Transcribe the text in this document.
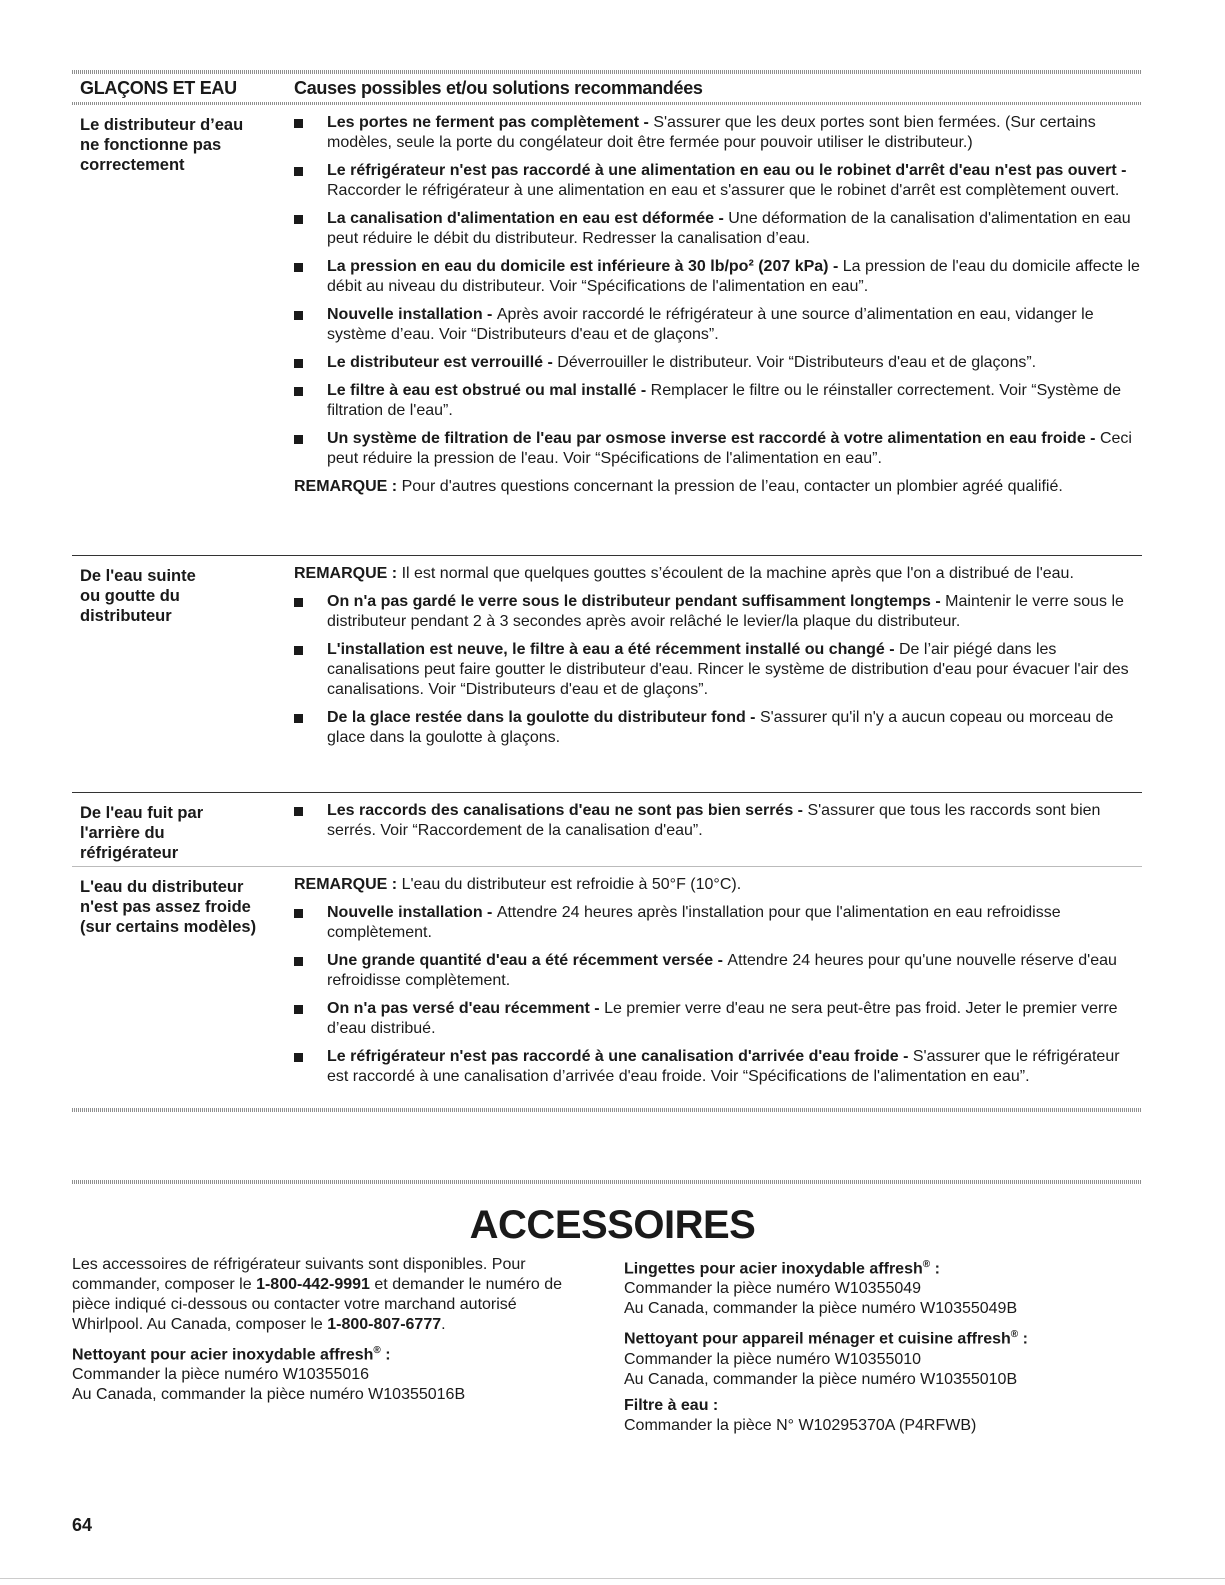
GLAÇONS ET EAU	Causes possibles et/ou solutions recommandées
Le distributeur d’eau
ne fonctionne pas
correctement
Les portes ne ferment pas complètement - S'assurer que les deux portes sont bien fermées. (Sur certains modèles, seule la porte du congélateur doit être fermée pour pouvoir utiliser le distributeur.)
Le réfrigérateur n'est pas raccordé à une alimentation en eau ou le robinet d'arrêt d'eau n'est pas ouvert - Raccorder le réfrigérateur à une alimentation en eau et s'assurer que le robinet d'arrêt est complètement ouvert.
La canalisation d'alimentation en eau est déformée - Une déformation de la canalisation d'alimentation en eau peut réduire le débit du distributeur. Redresser la canalisation d’eau.
La pression en eau du domicile est inférieure à 30 lb/po² (207 kPa) - La pression de l'eau du domicile affecte le débit au niveau du distributeur. Voir “Spécifications de l'alimentation en eau”.
Nouvelle installation - Après avoir raccordé le réfrigérateur à une source d’alimentation en eau, vidanger le système d’eau. Voir “Distributeurs d'eau et de glaçons”.
Le distributeur est verrouillé - Déverrouiller le distributeur. Voir “Distributeurs d'eau et de glaçons”.
Le filtre à eau est obstrué ou mal installé - Remplacer le filtre ou le réinstaller correctement. Voir “Système de filtration de l'eau”.
Un système de filtration de l'eau par osmose inverse est raccordé à votre alimentation en eau froide - Ceci peut réduire la pression de l'eau. Voir “Spécifications de l'alimentation en eau”.
REMARQUE : Pour d'autres questions concernant la pression de l’eau, contacter un plombier agréé qualifié.
De l'eau suinte
ou goutte du
distributeur
REMARQUE : Il est normal que quelques gouttes s’écoulent de la machine après que l'on a distribué de l'eau.
On n'a pas gardé le verre sous le distributeur pendant suffisamment longtemps - Maintenir le verre sous le distributeur pendant 2 à 3 secondes après avoir relâché le levier/la plaque du distributeur.
L'installation est neuve, le filtre à eau a été récemment installé ou changé - De l’air piégé dans les canalisations peut faire goutter le distributeur d'eau. Rincer le système de distribution d'eau pour évacuer l'air des canalisations. Voir “Distributeurs d'eau et de glaçons”.
De la glace restée dans la goulotte du distributeur fond - S'assurer qu'il n'y a aucun copeau ou morceau de glace dans la goulotte à glaçons.
De l'eau fuit par
l'arrière du
réfrigérateur
Les raccords des canalisations d'eau ne sont pas bien serrés - S'assurer que tous les raccords sont bien serrés. Voir “Raccordement de la canalisation d'eau”.
L'eau du distributeur
n'est pas assez froide
(sur certains modèles)
REMARQUE : L'eau du distributeur est refroidie à 50°F (10°C).
Nouvelle installation - Attendre 24 heures après l'installation pour que l'alimentation en eau refroidisse complètement.
Une grande quantité d'eau a été récemment versée - Attendre 24 heures pour qu'une nouvelle réserve d'eau refroidisse complètement.
On n'a pas versé d'eau récemment - Le premier verre d'eau ne sera peut-être pas froid. Jeter le premier verre d’eau distribué.
Le réfrigérateur n'est pas raccordé à une canalisation d'arrivée d'eau froide - S'assurer que le réfrigérateur est raccordé à une canalisation d’arrivée d'eau froide. Voir “Spécifications de l'alimentation en eau”.
ACCESSOIRES
Les accessoires de réfrigérateur suivants sont disponibles. Pour commander, composer le 1-800-442-9991 et demander le numéro de pièce indiqué ci-dessous ou contacter votre marchand autorisé Whirlpool. Au Canada, composer le 1-800-807-6777.
Nettoyant pour acier inoxydable affresh® :
Commander la pièce numéro W10355016
Au Canada, commander la pièce numéro W10355016B
Lingettes pour acier inoxydable affresh® :
Commander la pièce numéro W10355049
Au Canada, commander la pièce numéro W10355049B
Nettoyant pour appareil ménager et cuisine affresh® :
Commander la pièce numéro W10355010
Au Canada, commander la pièce numéro W10355010B
Filtre à eau :
Commander la pièce N° W10295370A (P4RFWB)
64
